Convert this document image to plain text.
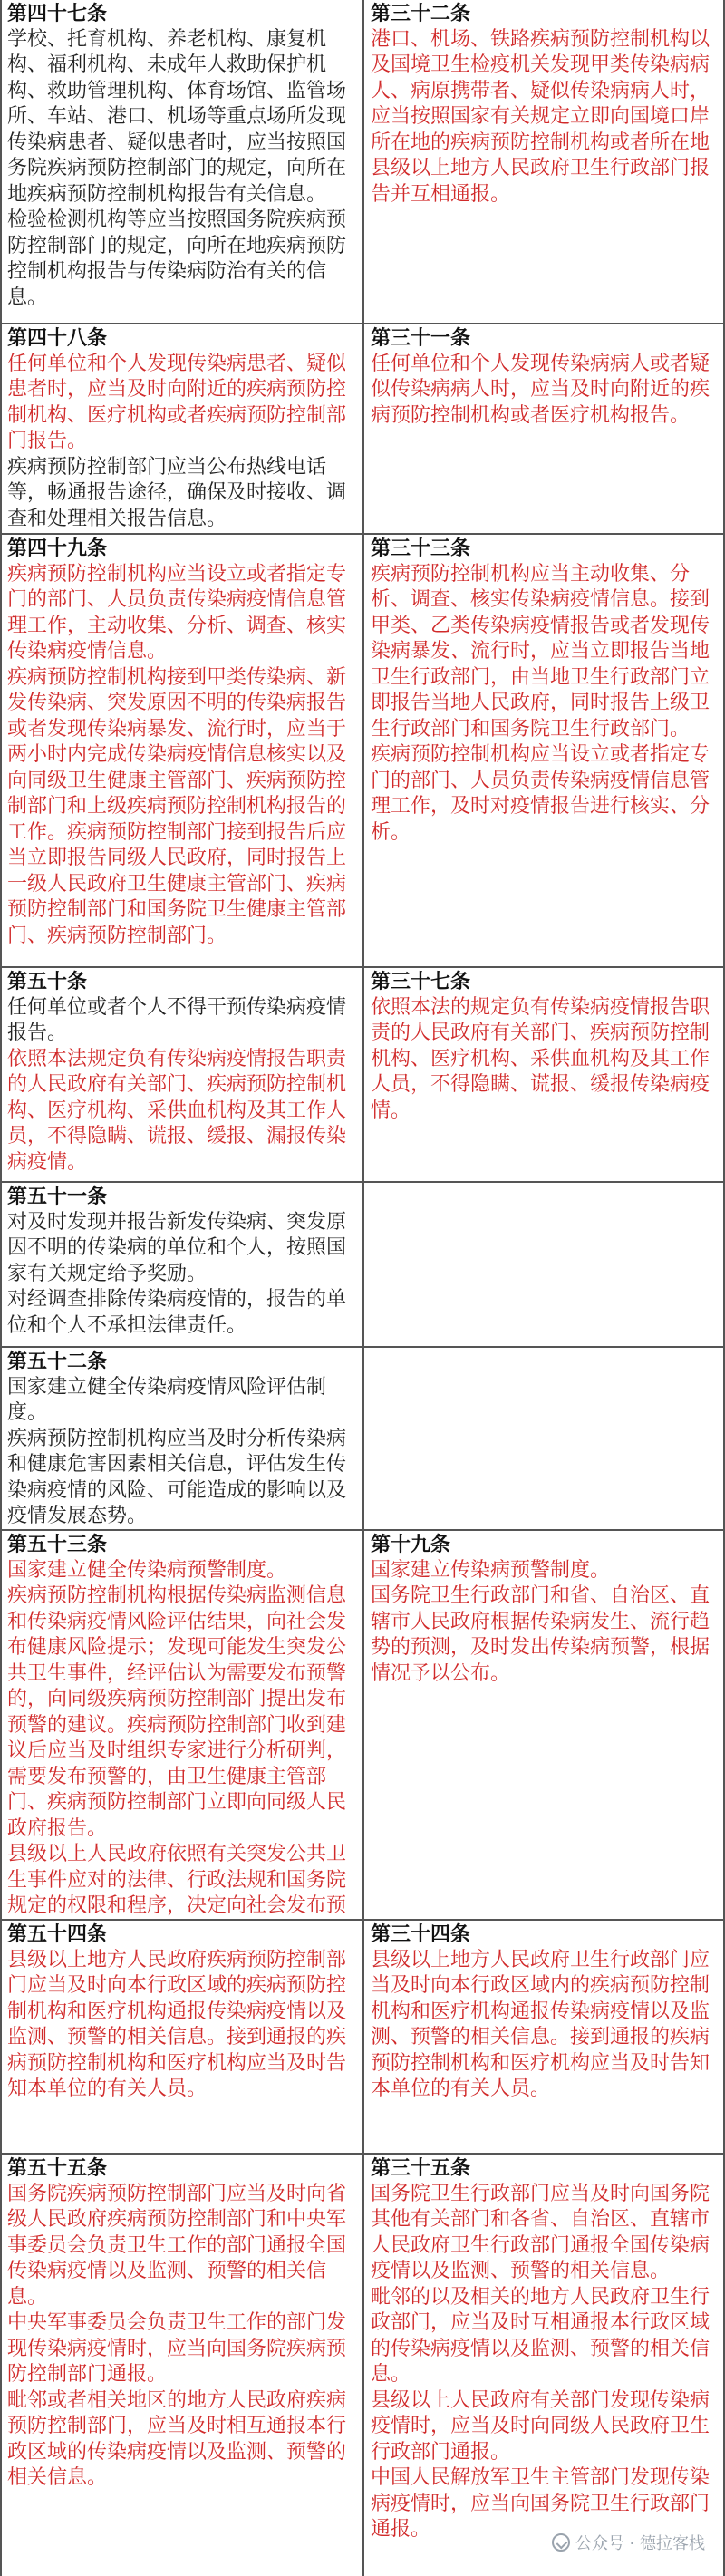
第四十七条
学校、托育机构、养老机构、康复机构、福利机构、未成年人救助保护机构、救助管理机构、体育场馆、监管场所、车站、港口、机场等重点场所发现传染病患者、疑似患者时，应当按照国务院疾病预防控制部门的规定，向所在地疾病预防控制机构报告有关信息。
检验检测机构等应当按照国务院疾病预防控制部门的规定，向所在地疾病预防控制机构报告与传染病防治有关的信息。
第三十二条
港口、机场、铁路疾病预防控制机构以及国境卫生检疫机关发现甲类传染病病人、病原携带者、疑似传染病病人时，应当按照国家有关规定立即向国境口岸所在地的疾病预防控制机构或者所在地县级以上地方人民政府卫生行政部门报告并互相通报。
第四十八条
任何单位和个人发现传染病患者、疑似患者时，应当及时向附近的疾病预防控制机构、医疗机构或者疾病预防控制部门报告。
疾病预防控制部门应当公布热线电话等，畅通报告途径，确保及时接收、调查和处理相关报告信息。
第三十一条
任何单位和个人发现传染病病人或者疑似传染病病人时，应当及时向附近的疾病预防控制机构或者医疗机构报告。
第四十九条
疾病预防控制机构应当设立或者指定专门的部门、人员负责传染病疫情信息管理工作，主动收集、分析、调查、核实传染病疫情信息。
疾病预防控制机构接到甲类传染病、新发传染病、突发原因不明的传染病报告或者发现传染病暴发、流行时，应当于两小时内完成传染病疫情信息核实以及向同级卫生健康主管部门、疾病预防控制部门和上级疾病预防控制机构报告的工作。疾病预防控制部门接到报告后应当立即报告同级人民政府，同时报告上一级人民政府卫生健康主管部门、疾病预防控制部门和国务院卫生健康主管部门、疾病预防控制部门。
第三十三条
疾病预防控制机构应当主动收集、分析、调查、核实传染病疫情信息。接到甲类、乙类传染病疫情报告或者发现传染病暴发、流行时，应当立即报告当地卫生行政部门，由当地卫生行政部门立即报告当地人民政府，同时报告上级卫生行政部门和国务院卫生行政部门。
疾病预防控制机构应当设立或者指定专门的部门、人员负责传染病疫情信息管理工作，及时对疫情报告进行核实、分析。
第五十条
任何单位或者个人不得干预传染病疫情报告。
依照本法规定负有传染病疫情报告职责的人民政府有关部门、疾病预防控制机构、医疗机构、采供血机构及其工作人员，不得隐瞒、谎报、缓报、漏报传染病疫情。
第三十七条
依照本法的规定负有传染病疫情报告职责的人民政府有关部门、疾病预防控制机构、医疗机构、采供血机构及其工作人员，不得隐瞒、谎报、缓报传染病疫情。
第五十一条
对及时发现并报告新发传染病、突发原因不明的传染病的单位和个人，按照国家有关规定给予奖励。
对经调查排除传染病疫情的，报告的单位和个人不承担法律责任。
第五十二条
国家建立健全传染病疫情风险评估制度。
疾病预防控制机构应当及时分析传染病和健康危害因素相关信息，评估发生传染病疫情的风险、可能造成的影响以及疫情发展态势。
第五十三条
国家建立健全传染病预警制度。
疾病预防控制机构根据传染病监测信息和传染病疫情风险评估结果，向社会发布健康风险提示；发现可能发生突发公共卫生事件，经评估认为需要发布预警的，向同级疾病预防控制部门提出发布预警的建议。疾病预防控制部门收到建议后应当及时组织专家进行分析研判，需要发布预警的，由卫生健康主管部门、疾病预防控制部门立即向同级人民政府报告。
县级以上人民政府依照有关突发公共卫生事件应对的法律、行政法规和国务院规定的权限和程序，决定向社会发布预
第十九条
国家建立传染病预警制度。
国务院卫生行政部门和省、自治区、直辖市人民政府根据传染病发生、流行趋势的预测，及时发出传染病预警，根据情况予以公布。
第五十四条
县级以上地方人民政府疾病预防控制部门应当及时向本行政区域的疾病预防控制机构和医疗机构通报传染病疫情以及监测、预警的相关信息。接到通报的疾病预防控制机构和医疗机构应当及时告知本单位的有关人员。
第三十四条
县级以上地方人民政府卫生行政部门应当及时向本行政区域内的疾病预防控制机构和医疗机构通报传染病疫情以及监测、预警的相关信息。接到通报的疾病预防控制机构和医疗机构应当及时告知本单位的有关人员。
第五十五条
国务院疾病预防控制部门应当及时向省级人民政府疾病预防控制部门和中央军事委员会负责卫生工作的部门通报全国传染病疫情以及监测、预警的相关信息。
中央军事委员会负责卫生工作的部门发现传染病疫情时，应当向国务院疾病预防控制部门通报。
毗邻或者相关地区的地方人民政府疾病预防控制部门，应当及时相互通报本行政区域的传染病疫情以及监测、预警的相关信息。
第三十五条
国务院卫生行政部门应当及时向国务院其他有关部门和各省、自治区、直辖市人民政府卫生行政部门通报全国传染病疫情以及监测、预警的相关信息。
毗邻的以及相关的地方人民政府卫生行政部门，应当及时互相通报本行政区域的传染病疫情以及监测、预警的相关信息。
县级以上人民政府有关部门发现传染病疫情时，应当及时向同级人民政府卫生行政部门通报。
中国人民解放军卫生主管部门发现传染病疫情时，应当向国务院卫生行政部门通报。
公众号 · 德拉客栈
